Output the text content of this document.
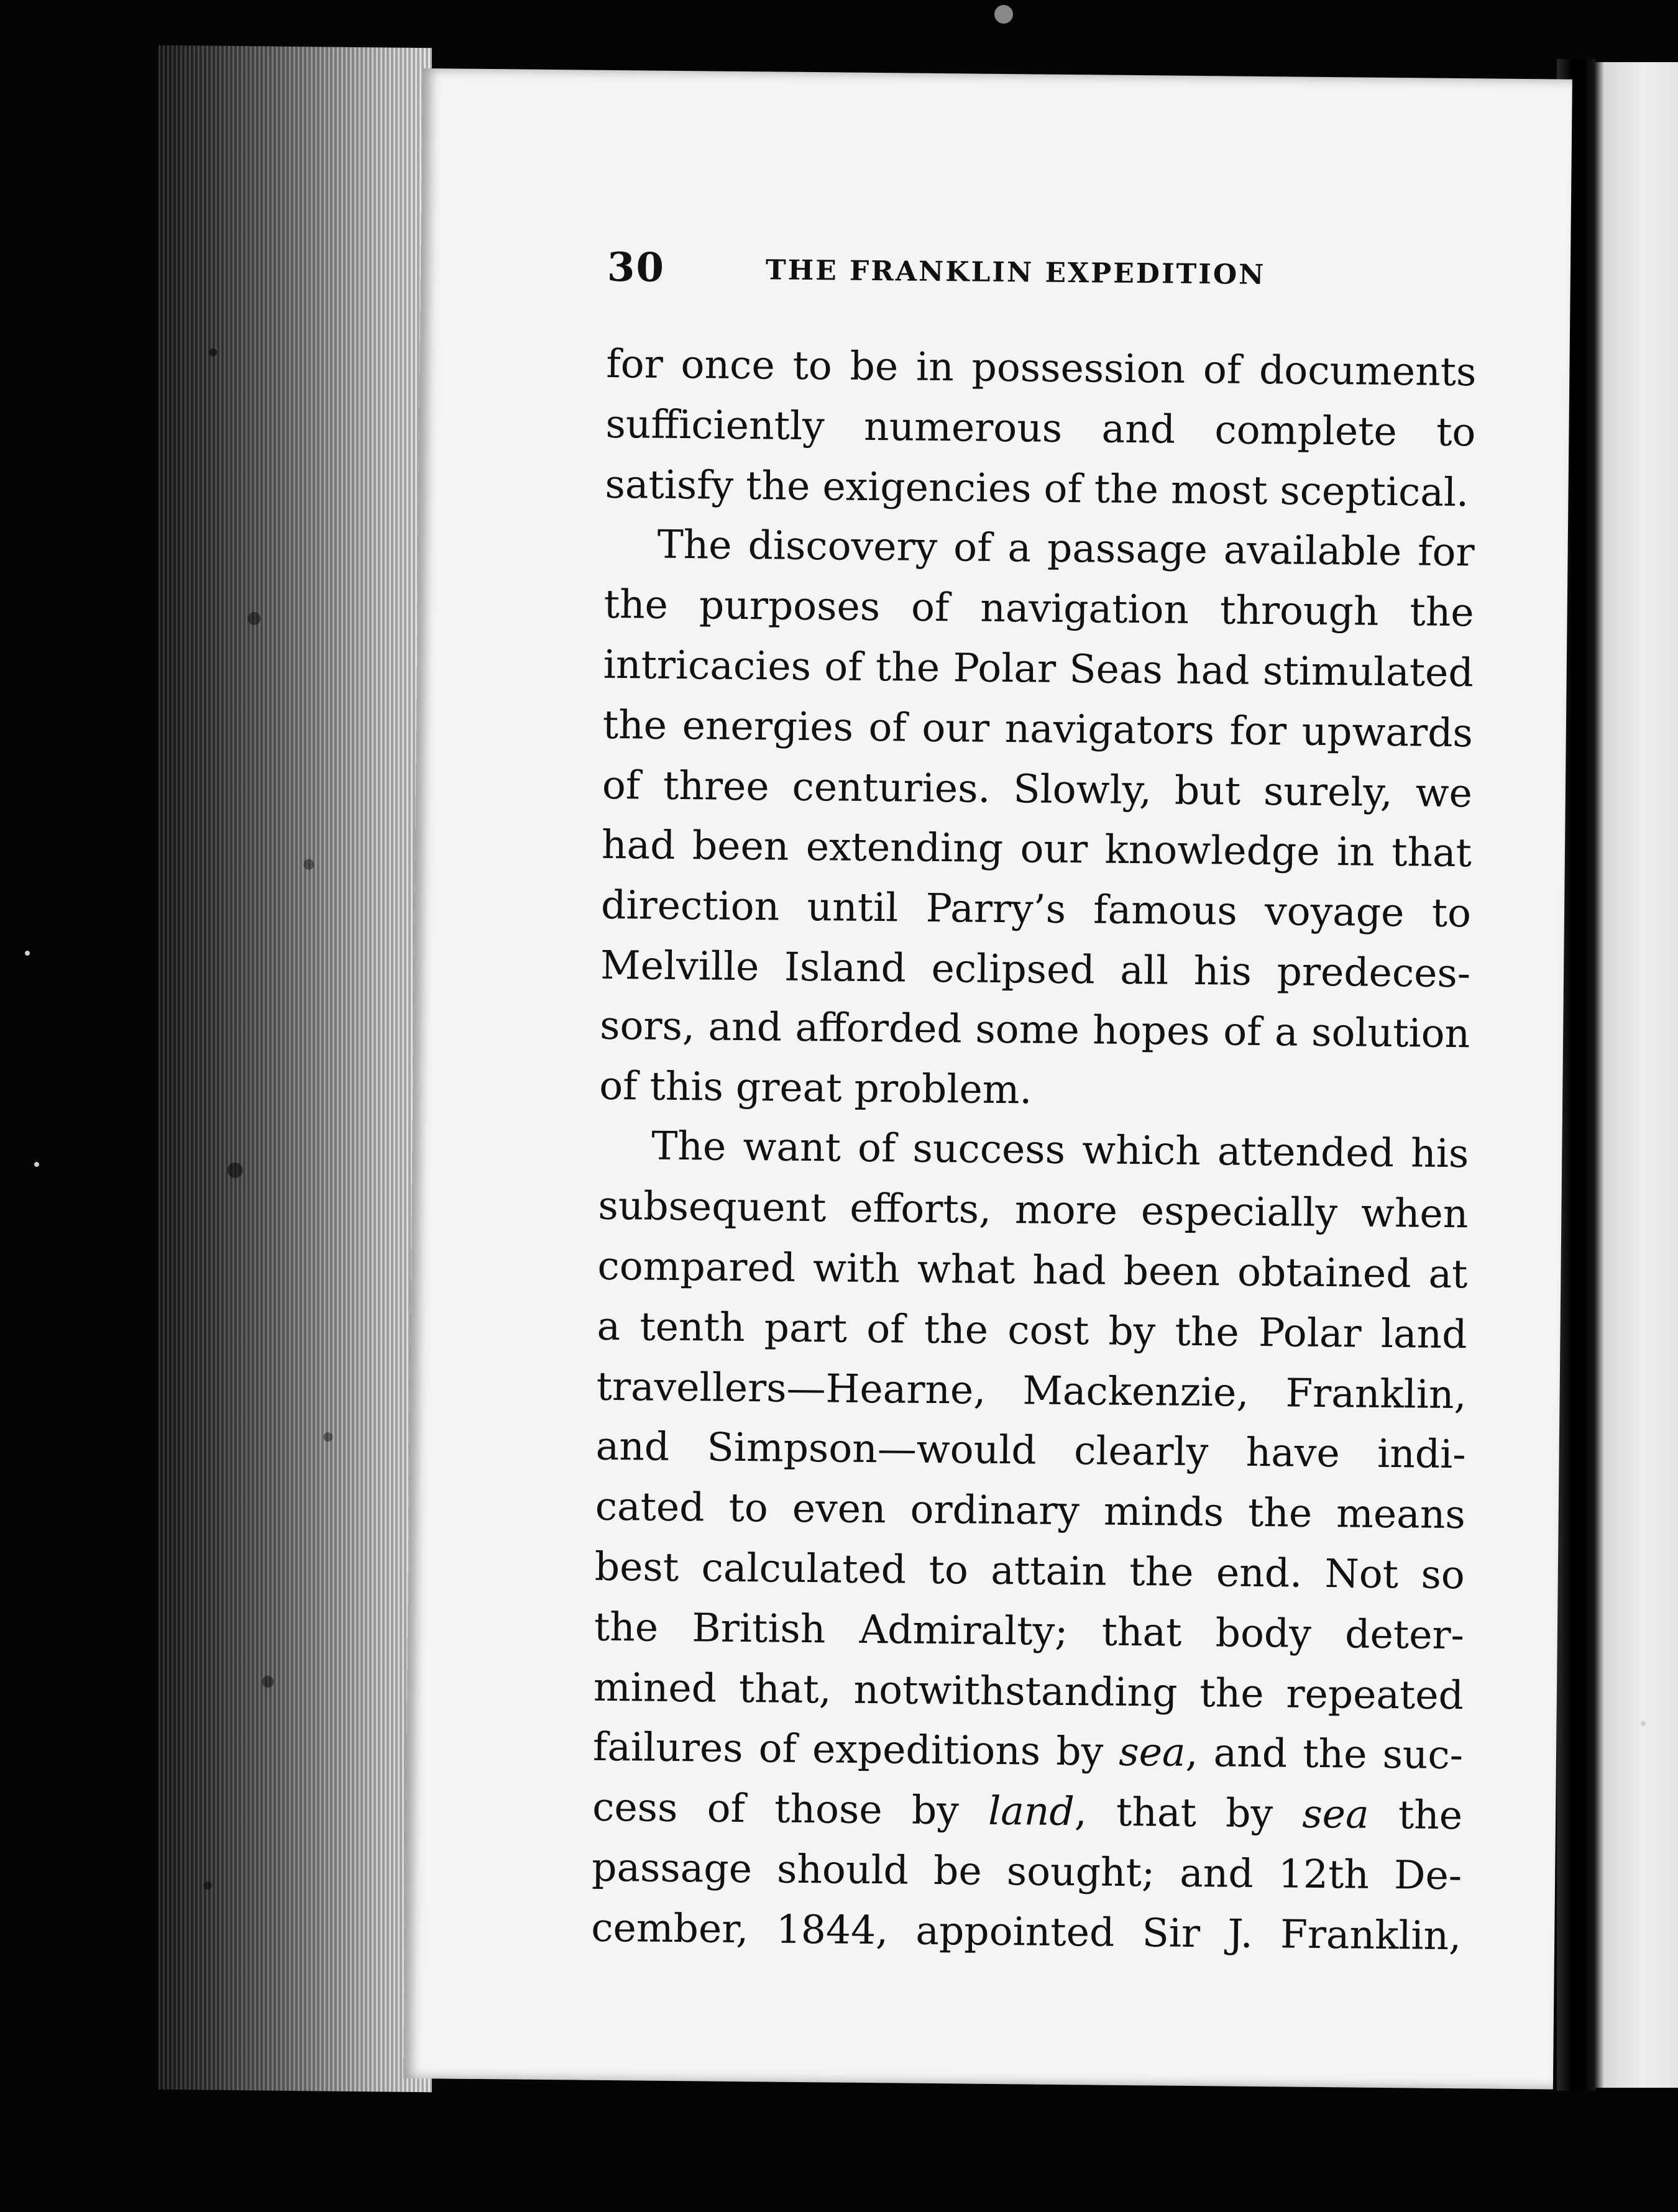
30	THE FRANKLIN EXPEDITION
for once to be in possession of documents
sufficiently numerous and complete to
satisfy the exigencies of the most sceptical.
The discovery of a passage available for
the purposes of navigation through the
intricacies of the Polar Seas had stimulated
the energies of our navigators for upwards
of three centuries. Slowly, but surely, we
had been extending our knowledge in that
direction until Parry’s famous voyage to
Melville Island eclipsed all his predeces-
sors, and afforded some hopes of a solution
of this great problem.
The want of success which attended his
subsequent efforts, more especially when
compared with what had been obtained at
a tenth part of the cost by the Polar land
travellers—Hearne, Mackenzie, Franklin,
and Simpson—would clearly have indi-
cated to even ordinary minds the means
best calculated to attain the end. Not so
the British Admiralty; that body deter-
mined that, notwithstanding the repeated
failures of expeditions by sea, and the suc-
cess of those by land, that by sea the
passage should be sought; and 12th De-
cember, 1844, appointed Sir J. Franklin,
